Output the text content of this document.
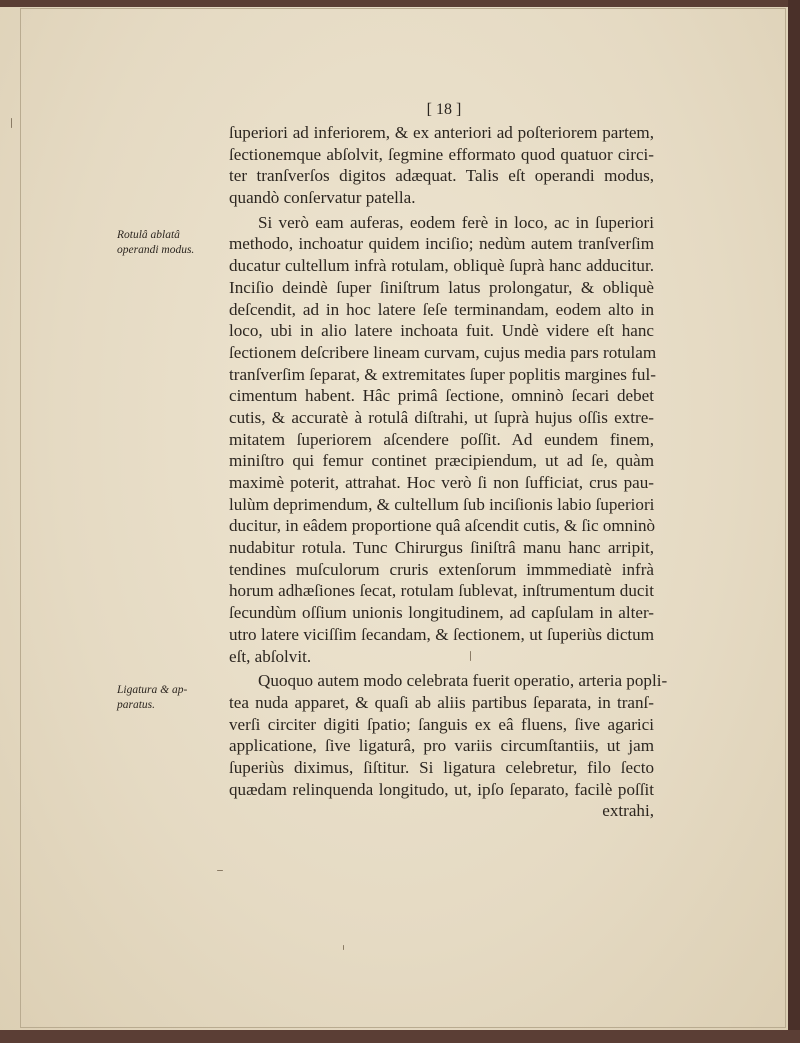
[ 18 ]
Rotulâ ablatâ
operandi modus.
Ligatura & ap-
paratus.
ſuperiori ad inferiorem, & ex anteriori ad poſteriorem partem,
ſectionemque abſolvit, ſegmine efformato quod quatuor circi-
ter tranſverſos digitos adæquat. Talis eſt operandi modus,
quandò conſervatur patella.
Si verò eam auferas, eodem ferè in loco, ac in ſuperiori
methodo, inchoatur quidem inciſio; nedùm autem tranſverſim
ducatur cultellum infrà rotulam, obliquè ſuprà hanc adducitur.
Inciſio deindè ſuper ſiniſtrum latus prolongatur, & obliquè
deſcendit, ad in hoc latere ſeſe terminandam, eodem alto in
loco, ubi in alio latere inchoata fuit. Undè videre eſt hanc
ſectionem deſcribere lineam curvam, cujus media pars rotulam
tranſverſim ſeparat, & extremitates ſuper poplitis margines ful-
cimentum habent. Hâc primâ ſectione, omninò ſecari debet
cutis, & accuratè à rotulâ diſtrahi, ut ſuprà hujus oſſis extre-
mitatem ſuperiorem aſcendere poſſit. Ad eundem finem,
miniſtro qui femur continet præcipiendum, ut ad ſe, quàm
maximè poterit, attrahat. Hoc verò ſi non ſufficiat, crus pau-
lulùm deprimendum, & cultellum ſub inciſionis labio ſuperiori
ducitur, in eâdem proportione quâ aſcendit cutis, & ſic omninò
nudabitur rotula. Tunc Chirurgus ſiniſtrâ manu hanc arripit,
tendines muſculorum cruris extenſorum immmediatè infrà
horum adhæſiones ſecat, rotulam ſublevat, inſtrumentum ducit
ſecundùm oſſium unionis longitudinem, ad capſulam in alter-
utro latere viciſſim ſecandam, & ſectionem, ut ſuperiùs dictum
eſt, abſolvit.
Quoquo autem modo celebrata fuerit operatio, arteria popli-
tea nuda apparet, & quaſi ab aliis partibus ſeparata, in tranſ-
verſi circiter digiti ſpatio; ſanguis ex eâ fluens, ſive agarici
applicatione, ſive ligaturâ, pro variis circumſtantiis, ut jam
ſuperiùs diximus, ſiſtitur. Si ligatura celebretur, filo ſecto
quædam relinquenda longitudo, ut, ipſo ſeparato, facilè poſſit
extrahi,
